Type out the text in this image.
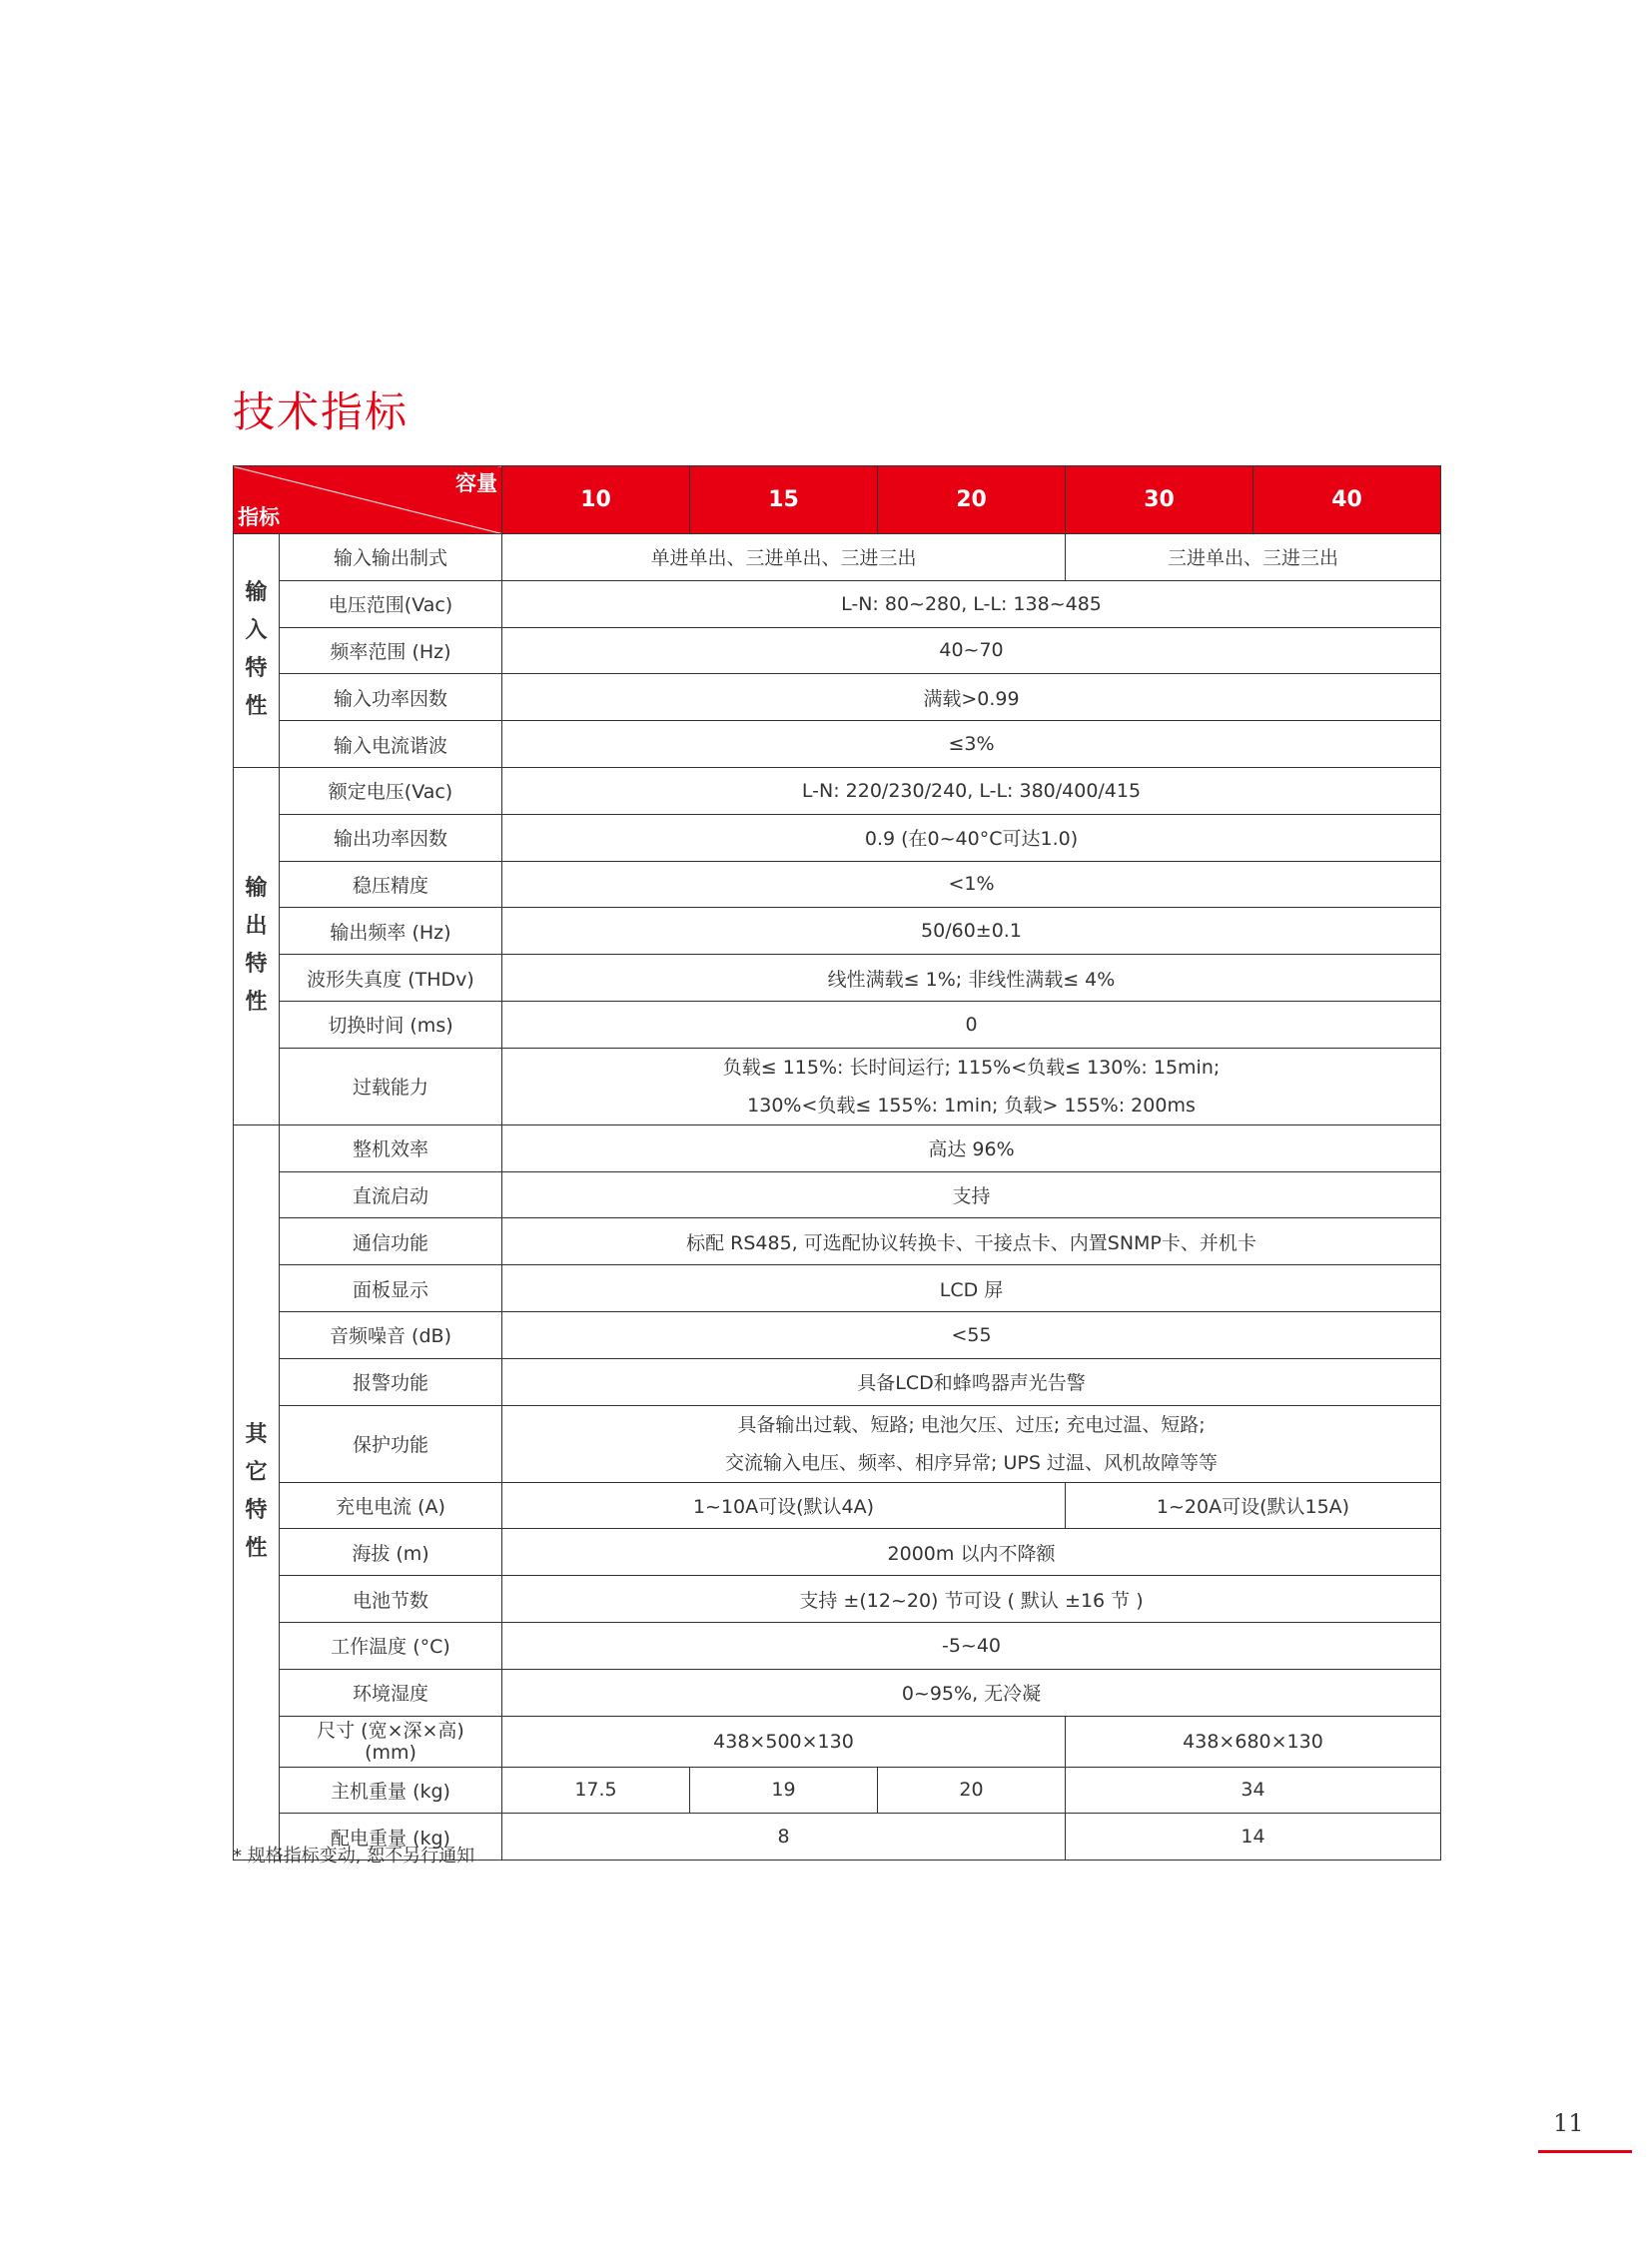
技术指标
容量
指标		10	15	20	30	40
输入特性	输入输出制式	单进单出、三进单出、三进三出			三进单出、三进三出	
	电压范围(Vac)	L-N: 80~280, L-L: 138~485				
	频率范围 (Hz)	40~70				
	输入功率因数	满载>0.99				
	输入电流谐波	≤3%				
输出特性	额定电压(Vac)	L-N: 220/230/240, L-L: 380/400/415				
	输出功率因数	0.9 (在0~40°C可达1.0)				
	稳压精度	<1%				
	输出频率 (Hz)	50/60±0.1				
	波形失真度 (THDv)	线性满载≤ 1%; 非线性满载≤ 4%				
	切换时间 (ms)	0				
	过载能力	负载≤ 115%: 长时间运行; 115%<负载≤ 130%: 15min;
130%<负载≤ 155%: 1min; 负载> 155%: 200ms				

其它特性	整机效率	高达 96%				
	直流启动	支持				
	通信功能	标配 RS485, 可选配协议转换卡、干接点卡、内置SNMP卡、并机卡				
	面板显示	LCD 屏				
	音频噪音 (dB)	<55				
	报警功能	具备LCD和蜂鸣器声光告警				
	保护功能	具备输出过载、短路; 电池欠压、过压; 充电过温、短路;
交流输入电压、频率、相序异常; UPS 过温、风机故障等等				

	充电电流 (A)	1~10A可设(默认4A)			1~20A可设(默认15A)	
	海拔 (m)	2000m 以内不降额				
	电池节数	支持 ±(12~20) 节可设 ( 默认 ±16 节 )				
	工作温度 (°C)	-5~40				
	环境湿度	0~95%, 无冷凝				

	尺寸 (宽×深×高)
(mm)	438×500×130			438×680×130	
	主机重量 (kg)	17.5	19	20	34	
	配电重量 (kg)	8			14	
* 规格指标变动, 恕不另行通知
11
